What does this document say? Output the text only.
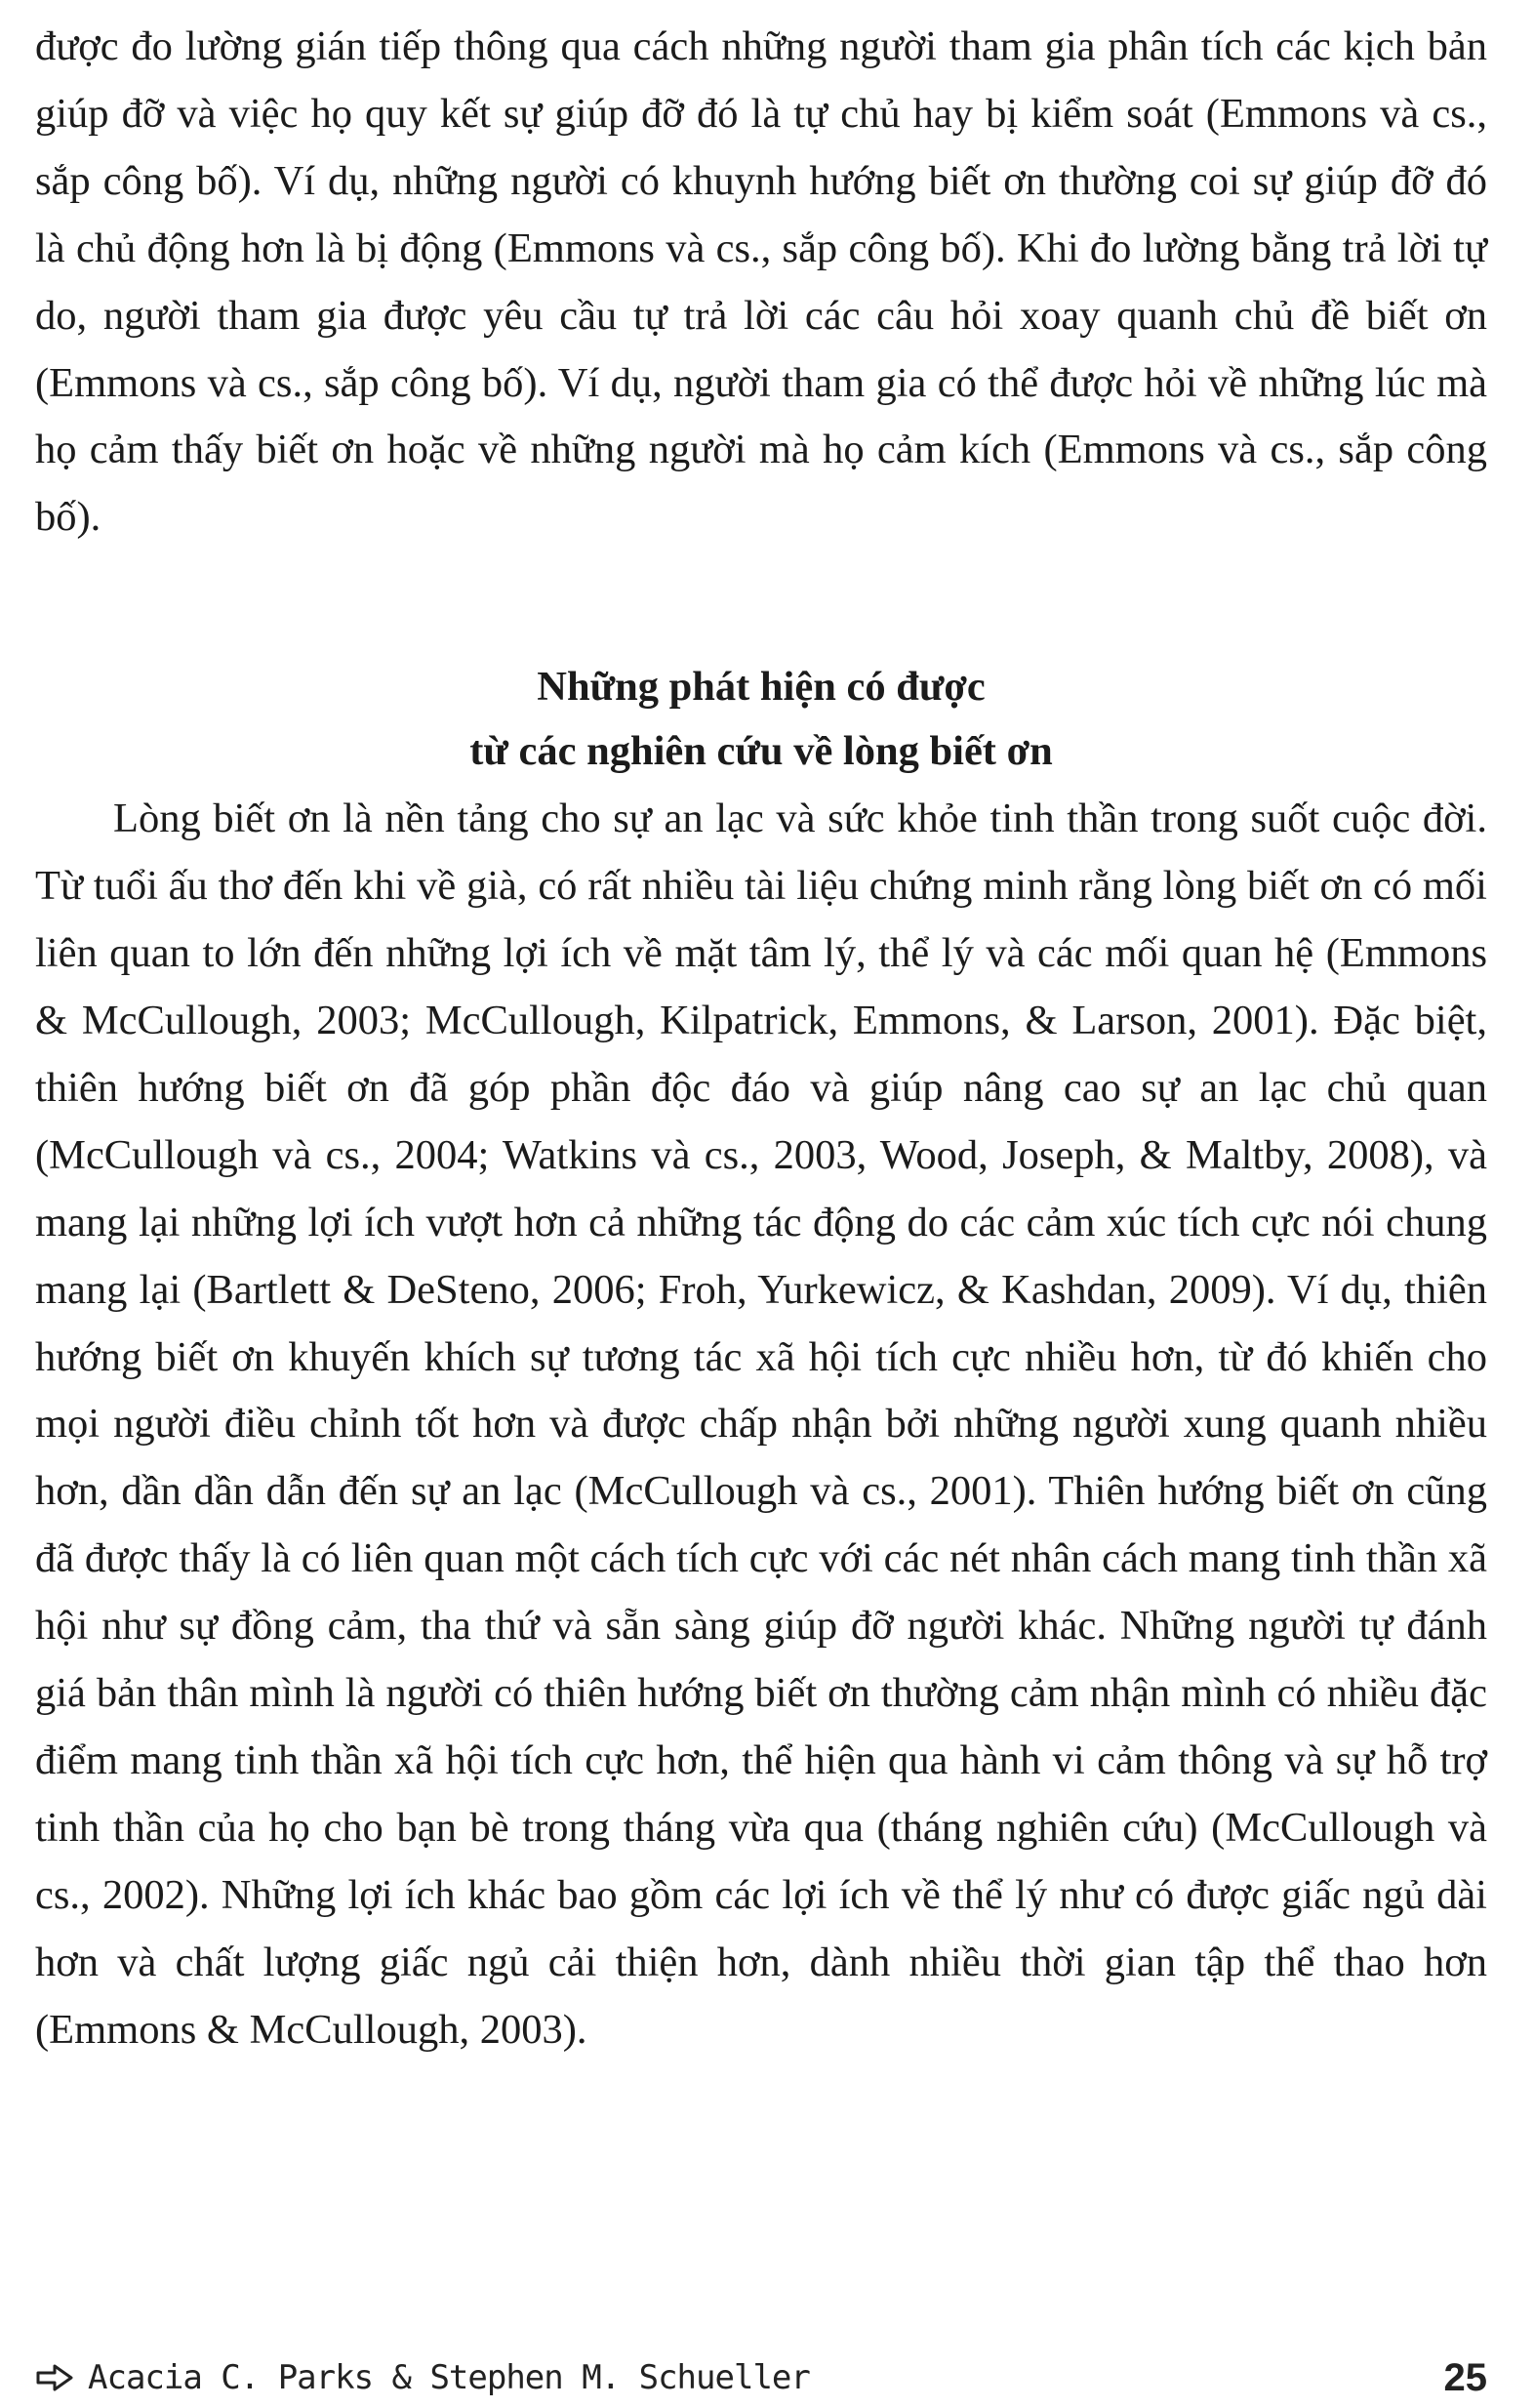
được đo lường gián tiếp thông qua cách những người tham gia phân tích các kịch bản giúp đỡ và việc họ quy kết sự giúp đỡ đó là tự chủ hay bị kiểm soát (Emmons và cs., sắp công bố). Ví dụ, những người có khuynh hướng biết ơn thường coi sự giúp đỡ đó là chủ động hơn là bị động (Emmons và cs., sắp công bố). Khi đo lường bằng trả lời tự do, người tham gia được yêu cầu tự trả lời các câu hỏi xoay quanh chủ đề biết ơn (Emmons và cs., sắp công bố). Ví dụ, người tham gia có thể được hỏi về những lúc mà họ cảm thấy biết ơn hoặc về những người mà họ cảm kích (Emmons và cs., sắp công bố).

Những phát hiện có được
từ các nghiên cứu về lòng biết ơn

Lòng biết ơn là nền tảng cho sự an lạc và sức khỏe tinh thần trong suốt cuộc đời. Từ tuổi ấu thơ đến khi về già, có rất nhiều tài liệu chứng minh rằng lòng biết ơn có mối liên quan to lớn đến những lợi ích về mặt tâm lý, thể lý và các mối quan hệ (Emmons & McCullough, 2003; McCullough, Kilpatrick, Emmons, & Larson, 2001). Đặc biệt, thiên hướng biết ơn đã góp phần độc đáo và giúp nâng cao sự an lạc chủ quan (McCullough và cs., 2004; Watkins và cs., 2003, Wood, Joseph, & Maltby, 2008), và mang lại những lợi ích vượt hơn cả những tác động do các cảm xúc tích cực nói chung mang lại (Bartlett & DeSteno, 2006; Froh, Yurkewicz, & Kashdan, 2009). Ví dụ, thiên hướng biết ơn khuyến khích sự tương tác xã hội tích cực nhiều hơn, từ đó khiến cho mọi người điều chỉnh tốt hơn và được chấp nhận bởi những người xung quanh nhiều hơn, dần dần dẫn đến sự an lạc (McCullough và cs., 2001). Thiên hướng biết ơn cũng đã được thấy là có liên quan một cách tích cực với các nét nhân cách mang tinh thần xã hội như sự đồng cảm, tha thứ và sẵn sàng giúp đỡ người khác. Những người tự đánh giá bản thân mình là người có thiên hướng biết ơn thường cảm nhận mình có nhiều đặc điểm mang tinh thần xã hội tích cực hơn, thể hiện qua hành vi cảm thông và sự hỗ trợ tinh thần của họ cho bạn bè trong tháng vừa qua (tháng nghiên cứu) (McCullough và cs., 2002). Những lợi ích khác bao gồm các lợi ích về thể lý như có được giấc ngủ dài hơn và chất lượng giấc ngủ cải thiện hơn, dành nhiều thời gian tập thể thao hơn (Emmons & McCullough, 2003).

Acacia C. Parks & Stephen M. Schueller	25
